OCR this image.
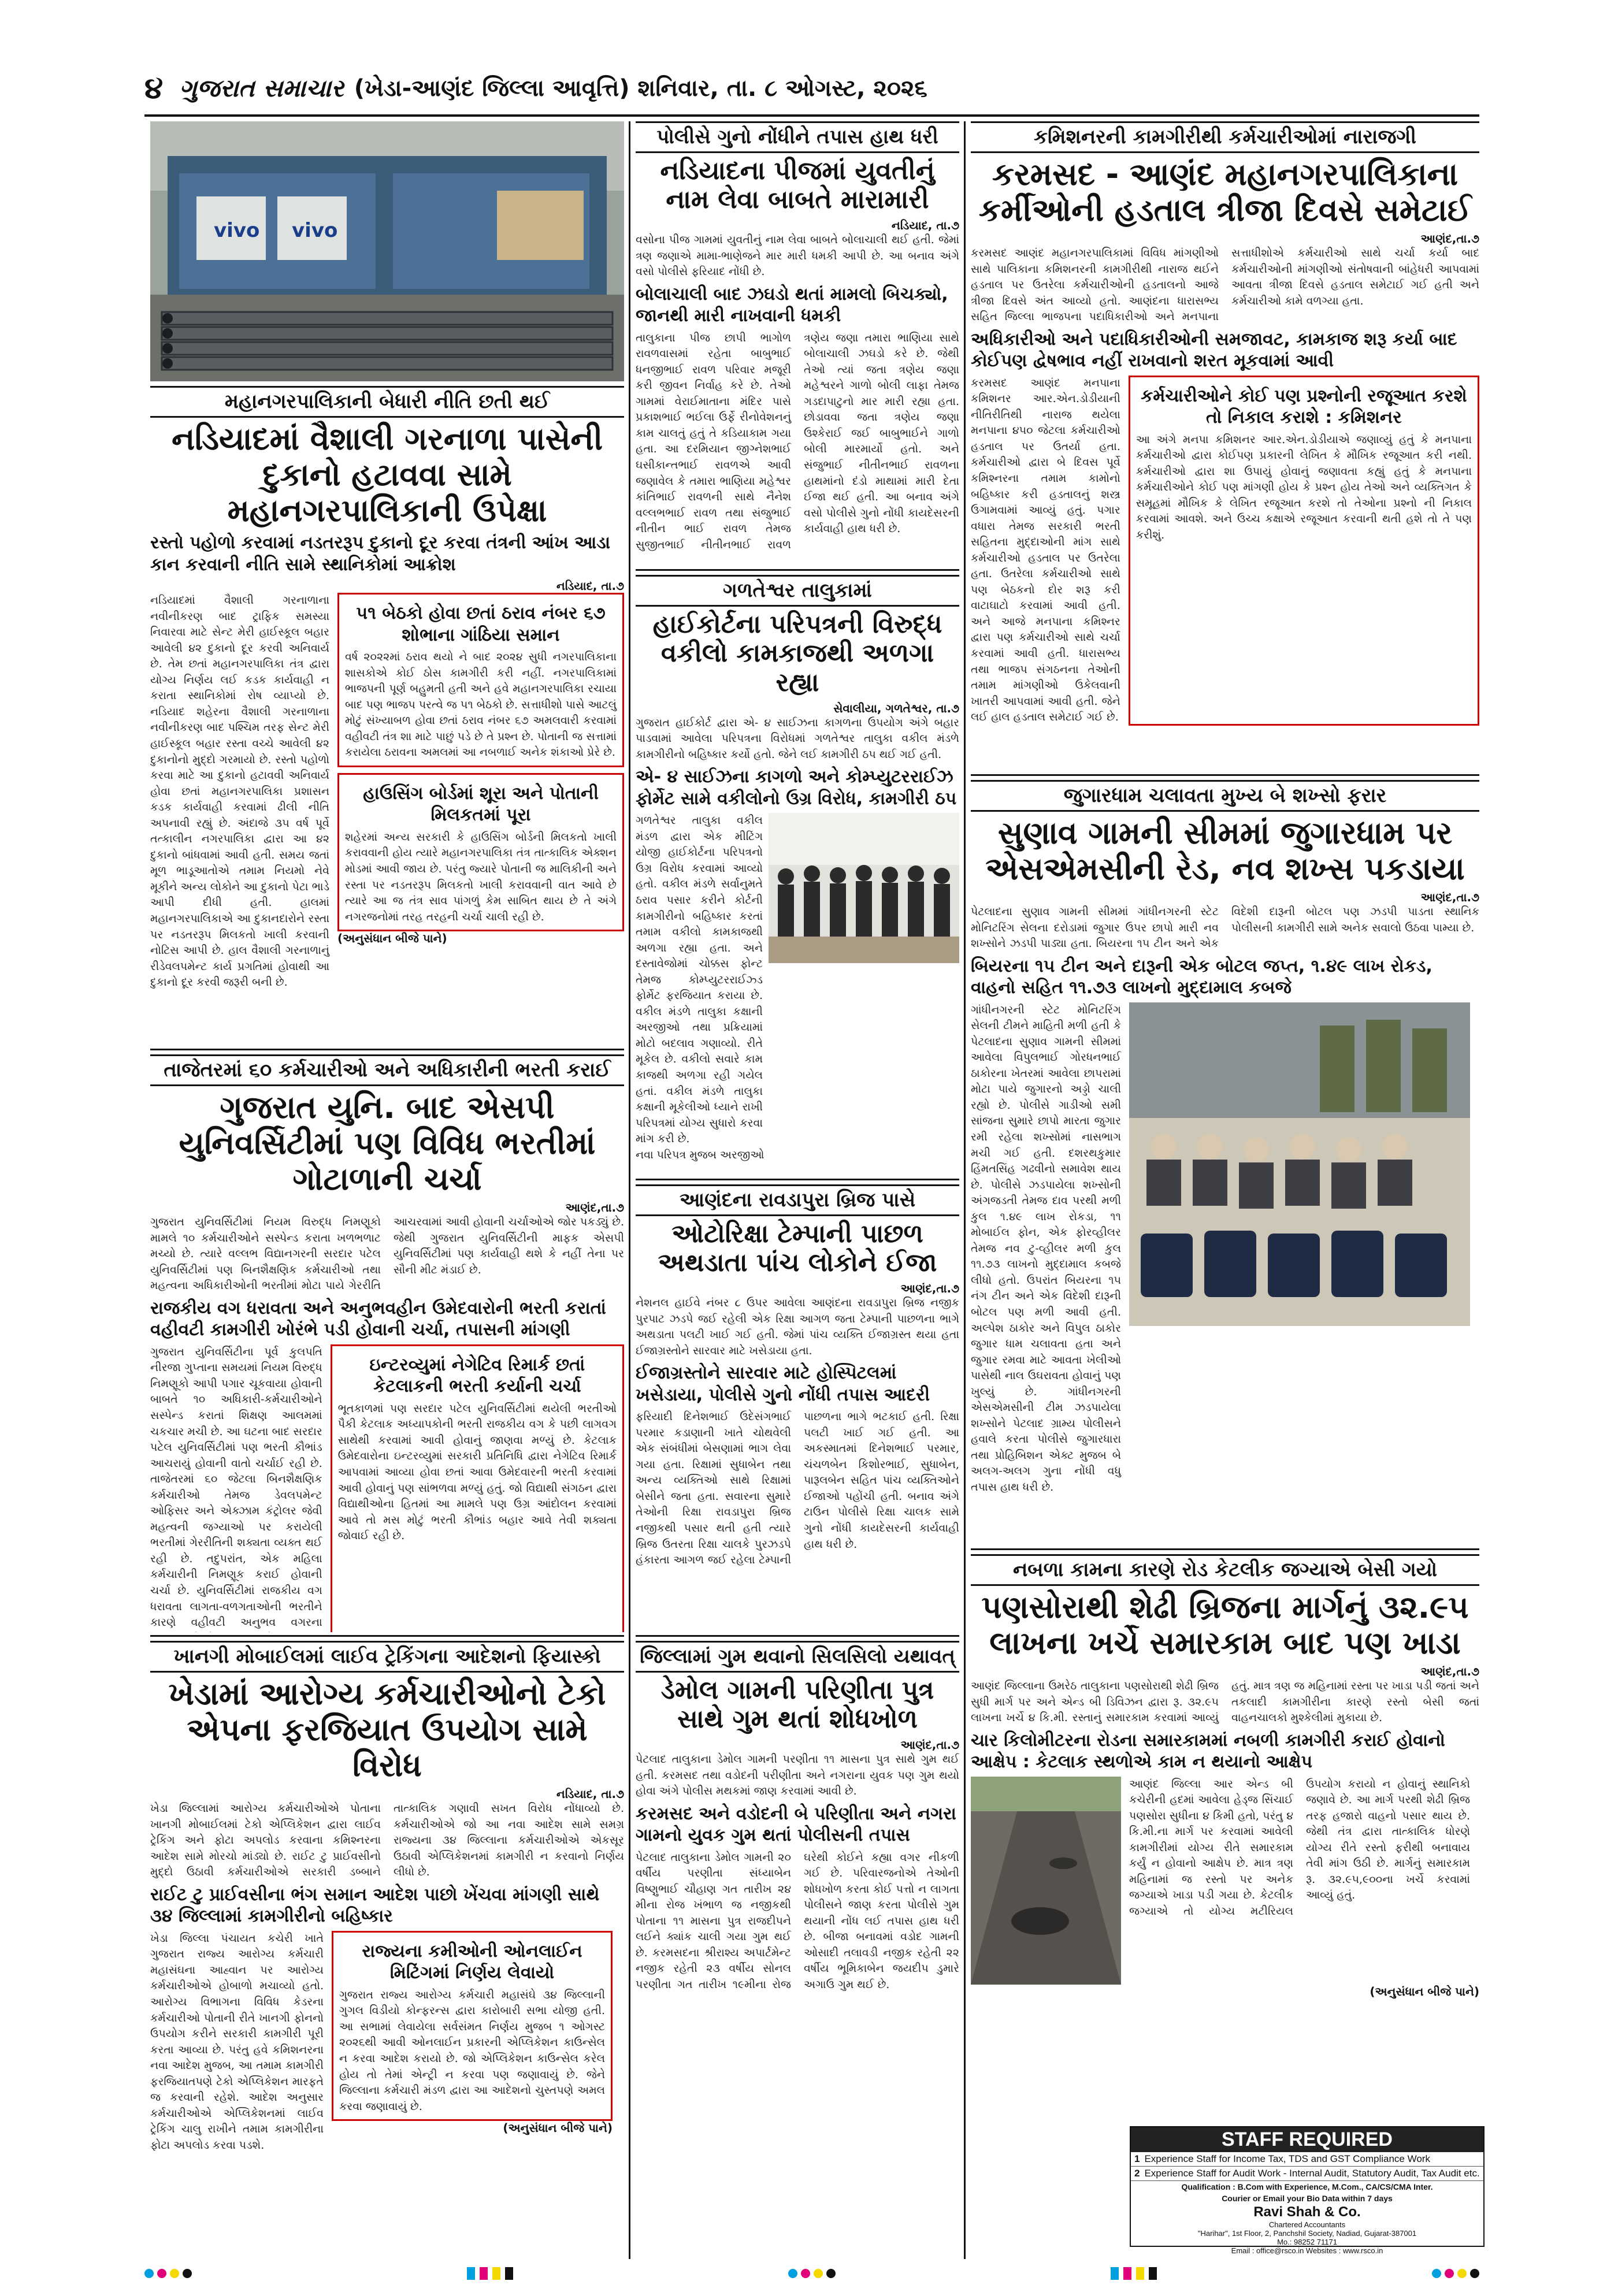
૪ ગુજરાત સમાચાર (ખેડા-આણંદ જિલ્લા આવૃત્તિ) શનિવાર, તા. ૮ ઓગસ્ટ, ૨૦૨૬
vivo vivo
મહાનગરપાલિકાની બેધારી નીતિ છતી થઈ
નડિયાદમાં વૈશાલી ગરનાળા પાસેની દુકાનો હટાવવા સામે મહાનગરપાલિકાની ઉપેક્ષા
રસ્તો પહોળો કરવામાં નડતરરૂપ દુકાનો દૂર કરવા તંત્રની આંખ આડા કાન કરવાની નીતિ સામે સ્થાનિકોમાં આક્રોશ
નડિયાદ, તા.૭
નડિયાદમાં વૈશાલી ગરનાળાના નવીનીકરણ બાદ ટ્રાફિક સમસ્યા નિવારવા માટે સેન્ટ મેરી હાઈસ્કૂલ બહાર આવેલી ૪૨ દુકાનો દૂર કરવી અનિવાર્ય છે. તેમ છતાં મહાનગરપાલિકા તંત્ર દ્વારા યોગ્ય નિર્ણય લઈ કડક કાર્યવાહી ન કરાતા સ્થાનિકોમાં રોષ વ્યાપ્યો છે. નડિયાદ શહેરના વૈશાલી ગરનાળાના નવીનીકરણ બાદ પશ્ચિમ તરફ સેન્ટ મેરી હાઈસ્કૂલ બહાર રસ્તા વચ્ચે આવેલી ૪૨ દુકાનોનો મુદ્દો ગરમાયો છે. રસ્તો પહોળો કરવા માટે આ દુકાનો હટાવવી અનિવાર્ય હોવા છતાં મહાનગરપાલિકા પ્રશાસન કડક કાર્યવાહી કરવામાં ઢીલી નીતિ અપનાવી રહ્યું છે. અંદાજે ૩૫ વર્ષ પૂર્વે તત્કાલીન નગરપાલિકા દ્વારા આ ૪૨ દુકાનો બાંધવામાં આવી હતી. સમય જતાં મૂળ ભાડૂઆતોએ તમામ નિયમો નેવે મૂકીને અન્ય લોકોને આ દુકાનો પેટા ભાડે આપી દીધી હતી. હાલમાં મહાનગરપાલિકાએ આ દુકાનદારોને રસ્તા પર નડતરરૂપ મિલકતો ખાલી કરવાની નોટિસ આપી છે. હાલ વૈશાલી ગરનાળાનું રીડેવલપમેન્ટ કાર્ય પ્રગતિમાં હોવાથી આ દુકાનો દૂર કરવી જરૂરી બની છે.
૫૧ બેઠકો હોવા છતાં ઠરાવ નંબર ૬૭ શોભાના ગાંઠિયા સમાન
વર્ષ ૨૦૨૨માં ઠરાવ થયો ને બાદ ૨૦૨૪ સુધી નગરપાલિકાના શાસકોએ કોઈ ઠોસ કામગીરી કરી નહીં. નગરપાલિકામાં ભાજપની પૂર્ણ બહુમતી હતી અને હવે મહાનગરપાલિકા રચાયા બાદ પણ ભાજપ પરત્વે જ ૫૧ બેઠકો છે. સત્તાધીશો પાસે આટલું મોટું સંખ્યાબળ હોવા છતાં ઠરાવ નંબર ૬૭ અમલવારી કરવામાં વહીવટી તંત્ર શા માટે પાછું પડે છે તે પ્રશ્ન છે. પોતાની જ સત્તામાં કરાયેલા ઠરાવના અમલમાં આ નબળાઈ અનેક શંકાઓ પ્રેરે છે.
હાઉસિંગ બોર્ડમાં શૂરા અને પોતાની મિલકતમાં પૂરા
શહેરમાં અન્ય સરકારી કે હાઉસિંગ બોર્ડની મિલકતો ખાલી કરાવવાની હોય ત્યારે મહાનગરપાલિકા તંત્ર તાત્કાલિક એક્શન મોડમાં આવી જાય છે. પરંતુ જ્યારે પોતાની જ માલિકીની અને રસ્તા પર નડતરરૂપ મિલકતો ખાલી કરાવવાની વાત આવે છે ત્યારે આ જ તંત્ર સાવ પાંગળું કેમ સાબિત થાય છે તે અંગે નગરજનોમાં તરહ તરહની ચર્ચા ચાલી રહી છે.
(અનુસંધાન બીજે પાને)
તાજેતરમાં ૬૦ કર્મચારીઓ અને અધિકારીની ભરતી કરાઈ
ગુજરાત યુનિ. બાદ એસપી યુનિવર્સિટીમાં પણ વિવિધ ભરતીમાં ગોટાળાની ચર્ચા
આણંદ,તા.૭
ગુજરાત યુનિવર્સિટીમાં નિયમ વિરુદ્ધ નિમણૂકો મામલે ૧૦ કર્મચારીઓને સસ્પેન્ડ કરાતા ખળભળાટ મચ્યો છે. ત્યારે વલ્લભ વિદ્યાનગરની સરદાર પટેલ યુનિવર્સિટીમાં પણ બિનશૈક્ષણિક કર્મચારીઓ તથા મહત્વના અધિકારીઓની ભરતીમાં મોટા પાયે ગેરરીતિ આચરવામાં આવી હોવાની ચર્ચાઓએ જોર પકડ્યું છે. જેથી ગુજરાત યુનિવર્સિટીની માફક એસપી યુનિવર્સિટીમાં પણ કાર્યવાહી થશે કે નહીં તેના પર સૌની મીટ મંડાઈ છે.
રાજકીય વગ ધરાવતા અને અનુભવહીન ઉમેદવારોની ભરતી કરાતાં વહીવટી કામગીરી ખોરંભે પડી હોવાની ચર્ચા, તપાસની માંગણી
ગુજરાત યુનિવર્સિટીના પૂર્વ કુલપતિ નીરજા ગુપ્તાના સમયમાં નિયમ વિરુદ્ધ નિમણૂકો આપી પગાર ચૂકવાયા હોવાની બાબતે ૧૦ અધિકારી-કર્મચારીઓને સસ્પેન્ડ કરાતાં શિક્ષણ આલમમાં ચકચાર મચી છે. આ ઘટના બાદ સરદાર પટેલ યુનિવર્સિટીમાં પણ ભરતી કૌભાંડ આચરાયું હોવાની વાતો ચર્ચાઈ રહી છે. તાજેતરમાં ૬૦ જેટલા બિનશૈક્ષણિક કર્મચારીઓ તેમજ ડેવલપમેન્ટ ઓફિસર અને એક્ઝામ કંટ્રોલર જેવી મહત્વની જગ્યાઓ પર કરાયેલી ભરતીમાં ગેરરીતિની શક્યતા વ્યક્ત થઈ રહી છે. તદુપરાંત, એક મહિલા કર્મચારીની નિમણૂક કરાઈ હોવાની ચર્ચા છે. યુનિવર્સિટીમાં રાજકીય વગ ધરાવતા લાગતા-વળગતાઓની ભરતીને કારણે વહીવટી અનુભવ વગરના
ઇન્ટરવ્યુમાં નેગેટિવ રિમાર્ક છતાં કેટલાકની ભરતી કર્યાની ચર્ચા
ભૂતકાળમાં પણ સરદાર પટેલ યુનિવર્સિટીમાં થયેલી ભરતીઓ પૈકી કેટલાક અધ્યાપકોની ભરતી રાજકીય વગ કે પછી લાગવગ સાથેથી કરવામાં આવી હોવાનું જાણવા મળ્યું છે. કેટલાક ઉમેદવારોના ઇન્ટરવ્યુમાં સરકારી પ્રતિનિધિ દ્વારા નેગેટિવ રિમાર્ક આપવામાં આવ્યા હોવા છતાં આવા ઉમેદવારની ભરતી કરવામાં આવી હોવાનું પણ સાંભળવા મળ્યું હતું. જો વિદ્યાથી સંગઠન દ્વારા વિદ્યાથીઓના હિતમાં આ મામલે પણ ઉગ્ર આંદોલન કરવામાં આવે તો મસ મોટું ભરતી કૌભાંડ બહાર આવે તેવી શક્યતા જોવાઈ રહી છે.
ખાનગી મોબાઈલમાં લાઈવ ટ્રેકિંગના આદેશનો ફિયાસ્કો
ખેડામાં આરોગ્ય કર્મચારીઓનો ટેકો એપના ફરજિયાત ઉપયોગ સામે વિરોધ
નડિયાદ, તા.૭
ખેડા જિલ્લામાં આરોગ્ય કર્મચારીઓએ પોતાના ખાનગી મોબાઈલમાં ટેકો એપ્લિકેશન દ્વારા લાઈવ ટ્રેકિંગ અને ફોટા અપલોડ કરવાના કમિશ્નરના આદેશ સામે મોરચો માંડ્યો છે. રાઈટ ટુ પ્રાઈવસીનો મુદ્દો ઉઠાવી કર્મચારીઓએ સરકારી ડબ્બાને તાત્કાલિક ગણાવી સખત વિરોધ નોંધાવ્યો છે. કર્મચારીઓએ જો આ નવા આદેશ સામે સમગ્ર રાજ્યના ૩૪ જિલ્લાના કર્મચારીઓએ એકસૂર ઉઠાવી એપ્લિકેશનમાં કામગીરી ન કરવાનો નિર્ણય લીધો છે.
રાઈટ ટુ પ્રાઈવસીના ભંગ સમાન આદેશ પાછો ખેંચવા માંગણી સાથે ૩૪ જિલ્લામાં કામગીરીનો બહિષ્કાર
ખેડા જિલ્લા પંચાયત કચેરી ખાતે ગુજરાત રાજ્ય આરોગ્ય કર્મચારી મહાસંઘના આહ્વાન પર આરોગ્ય કર્મચારીઓએ હોબાળો મચાવ્યો હતો. આરોગ્ય વિભાગના વિવિધ કેડરના કર્મચારીઓ પોતાની રીતે ખાનગી ફોનનો ઉપયોગ કરીને સરકારી કામગીરી પૂરી કરતા આવ્યા છે. પરંતુ હવે કમિશનરના નવા આદેશ મુજબ, આ તમામ કામગીરી ફરજિયાતપણે ટેકો એપ્લિકેશન મારફતે જ કરવાની રહેશે. આદેશ અનુસાર કર્મચારીઓએ એપ્લિકેશનમાં લાઈવ ટ્રેકિંગ ચાલુ રાખીને તમામ કામગીરીના ફોટા અપલોડ કરવા પડશે.
રાજ્યના કમીઓની ઓનલાઈન મિટિંગમાં નિર્ણય લેવાયો
ગુજરાત રાજ્ય આરોગ્ય કર્મચારી મહાસંઘે ૩૪ જિલ્લાની ગુગલ વિડીયો કોન્ફરન્સ દ્વારા કારોબારી સભા યોજી હતી. આ સભામાં લેવાયેલા સર્વસંમત નિર્ણય મુજબ ૧ ઓગસ્ટ ૨૦૨૬થી આવી ઓનલાઈન પ્રકારની એપ્લિકેશન કાઉન્સેલ ન કરવા આદેશ કરાયો છે. જો એપ્લિકેશન કાઉન્સેલ કરેલ હોય તો તેમાં એન્ટ્રી ન કરવા પણ જણાવાયું છે. જેને જિલ્લાના કર્મચારી મંડળ દ્વારા આ આદેશનો ચુસ્તપણે અમલ કરવા જણાવાયું છે.
(અનુસંધાન બીજે પાને)
પોલીસે ગુનો નોંધીને તપાસ હાથ ધરી
નડિયાદના પીજમાં યુવતીનું નામ લેવા બાબતે મારામારી
નડિયાદ, તા.૭
વસોના પીજ ગામમાં યુવતીનું નામ લેવા બાબતે બોલાચાલી થઈ હતી. જેમાં ત્રણ જણાએ મામા-ભાણેજને માર મારી ધમકી આપી છે. આ બનાવ અંગે વસો પોલીસે ફરિયાદ નોંધી છે.
બોલાચાલી બાદ ઝઘડો થતાં મામલો બિચક્યો, જાનથી મારી નાખવાની ધમકી
તાલુકાના પીજ છાપી ભાગોળ રાવળવાસમાં રહેતા બાબુભાઈ ધનજીભાઈ રાવળ પરિવાર મજૂરી કરી જીવન નિર્વાહ કરે છે. તેઓ ગામમાં વેરાઈમાતાના મંદિર પાસે પ્રકાશભાઈ ભઈલા ઉર્ફે રીનોવેશનનું કામ ચાલતું હતું તે કડિયાકામ ગયા હતા. આ દરમિયાન જીગ્નેશભાઈ ઘસીકાન્તભાઈ રાવળએ આવી જણાવેલ કે તમારા ભાણિયા મહેશ્વર કાંતિભાઈ રાવળની સાથે નૈનેશ વલ્લભભાઈ રાવળ તથા સંજુભાઈ નીતીન ભાઈ રાવળ તેમજ સુજીતભાઈ નીતીનભાઈ રાવળ ત્રણેય જણા તમારા ભાણિયા સાથે બોલાચાલી ઝઘડો કરે છે. જેથી તેઓ ત્યાં જતા ત્રણેય જણા મહેશ્વરને ગાળો બોલી લાફા તેમજ ગડદાપાટુનો માર મારી રહ્યા હતા. છોડાવવા જતા ત્રણેય જણા ઉશ્કેરાઈ જઈ બાબુભાઈને ગાળો બોલી મારમાર્યો હતો. અને સંજુભાઈ નીતીનભાઈ રાવળના હાથમાંનો દંડો માથામાં મારી દેતા ઈજા થઈ હતી. આ બનાવ અંગે વસો પોલીસે ગુનો નોંધી કાયદેસરની કાર્યવાહી હાથ ધરી છે.
ગળતેશ્વર તાલુકામાં
હાઈકોર્ટના પરિપત્રની વિરુદ્ધ વકીલો કામકાજથી અળગા રહ્યા
સેવાલીયા, ગળતેશ્વર, તા.૭
ગુજરાત હાઈકોર્ટ દ્વારા એ- ૪ સાઈઝના કાગળના ઉપયોગ અંગે બહાર પાડવામાં આવેલા પરિપત્રના વિરોધમાં ગળતેશ્વર તાલુકા વકીલ મંડળે કામગીરીનો બહિષ્કાર કર્યો હતો. જેને લઈ કામગીરી ઠપ થઈ ગઈ હતી.
એ- ૪ સાઈઝના કાગળો અને કોમ્પ્યુટરરાઈઝ ફોર્મેટ સામે વકીલોનો ઉગ્ર વિરોધ, કામગીરી ઠપ
ગળતેશ્વર તાલુકા વકીલ મંડળ દ્વારા એક મીટિંગ યોજી હાઈકોર્ટના પરિપત્રનો ઉગ્ર વિરોધ કરવામાં આવ્યો હતો. વકીલ મંડળે સર્વાનુમતે ઠરાવ પસાર કરીને કોર્ટની કામગીરીનો બહિષ્કાર કરતાં તમામ વકીલો કામકાજથી અળગા રહ્યા હતા. અને દસ્તાવેજોમાં ચોક્કસ ફોન્ટ તેમજ કોમ્પ્યુટરરાઈઝ્ડ ફોર્મેટ ફરજિયાત કરાયા છે. વકીલ મંડળે તાલુકા કક્ષાની અરજીઓ તથા પ્રક્રિયામાં મોટો બદલાવ ગણાવ્યો. રીતે મૂકેલ છે. વકીલો સવારે કામ કાજથી અળગા રહી ગયેલ હતાં. વકીલ મંડળે તાલુકા કક્ષાની મૂકેલીઓ ધ્યાને રાખી પરિપત્રમાં યોગ્ય સુધારો કરવા માંગ કરી છે.
નવા પરિપત્ર મુજબ અરજીઓ
આણંદના રાવડાપુરા બ્રિજ પાસે
ઓટોરિક્ષા ટેમ્પાની પાછળ અથડાતા પાંચ લોકોને ઈજા
આણંદ,તા.૭
નેશનલ હાઈવે નંબર ૮ ઉપર આવેલા આણંદના રાવડાપુરા બ્રિજ નજીક પુરપાટ ઝડપે જઈ રહેલી એક રિક્ષા આગળ જતા ટેમ્પાની પાછળના ભાગે અથડાતા પલટી ખાઈ ગઈ હતી. જેમાં પાંચ વ્યક્તિ ઈજાગ્રસ્ત થયા હતા ઈજાગ્રસ્તોને સારવાર માટે ખસેડાયા હતા.
ઈજાગ્રસ્તોને સારવાર માટે હોસ્પિટલમાં ખસેડાયા, પોલીસે ગુનો નોંધી તપાસ આદરી
ફરિયાદી દિનેશભાઈ ઉદેસંગભાઈ પરમાર કડાણાની ખાતે ચોથવેલી એક સંબંધીમાં બેસણામાં ભાગ લેવા ગયા હતા. રિક્ષામાં સુધાબેન તથા અન્ય વ્યક્તિઓ સાથે રિક્ષામાં બેસીને જતા હતા. સવારના સુમારે તેઓની રિક્ષા રાવડાપુરા બ્રિજ નજીકથી પસાર થતી હતી ત્યારે બ્રિજ ઉતરતા રિક્ષા ચાલકે પુરઝડપે હંકારતા આગળ જઈ રહેલા ટેમ્પાની પાછળના ભાગે ભટકાઈ હતી. રિક્ષા પલટી ખાઈ ગઈ હતી. આ અકસ્માતમાં દિનેશભાઈ પરમાર, ચંચળબેન કિશોરભાઈ, સુધાબેન, પારૂલબેન સહિત પાંચ વ્યક્તિઓને ઈજાઓ પહોંચી હતી. બનાવ અંગે ટાઉન પોલીસે રિક્ષા ચાલક સામે ગુનો નોંધી કાયદેસરની કાર્યવાહી હાથ ધરી છે.
જિલ્લામાં ગુમ થવાનો સિલસિલો યથાવત્
ડેમોલ ગામની પરિણીતા પુત્ર સાથે ગુમ થતાં શોધખોળ
આણંદ,તા.૭
પેટલાદ તાલુકાના ડેમોલ ગામની પરણીતા ૧૧ માસના પુત્ર સાથે ગુમ થઈ હતી. કરમસદ તથા વડોદની પરીણીતા અને નગરાના યુવક પણ ગુમ થયો હોવા અંગે પોલીસ મથકમાં જાણ કરવામાં આવી છે.
કરમસદ અને વડોદની બે પરિણીતા અને નગરા ગામનો યુવક ગુમ થતાં પોલીસની તપાસ
પેટલાદ તાલુકાના ડેમોલ ગામની ૨૦ વર્ષીય પરણીતા સંધ્યાબેન વિષ્ણુભાઈ ચૌહાણ ગત તારીખ ૨૪ મીના રોજ ખંભાળ જ નજીકથી પોતાના ૧૧ માસના પુત્ર રાજદીપને લઈને ક્યાંક ચાલી ગયા ગુમ થઈ છે. કરમસદના શ્રીરાશ્ય અપાર્ટમેન્ટ નજીક રહેતી ૨૩ વર્ષીય સોનલ પરણીતા ગત તારીખ ૧૯મીના રોજ ઘરેથી કોઈને કહ્યા વગર નીકળી ગઈ છે. પરિવારજનોએ તેઓની શોધખોળ કરતા કોઈ પત્તો ન લાગતા પોલીસને જાણ કરતા પોલીસે ગુમ થયાની નોંધ લઈ તપાસ હાથ ધરી છે. બીજા બનાવમાં વડોદ ગામની ઓસાદી તલાવડી નજીક રહેતી ૨૨ વર્ષીય ભૂમિકાબેન જયદીપ ડુમારે અગાઉ ગુમ થઈ છે.
કમિશનરની કામગીરીથી કર્મચારીઓમાં નારાજગી
કરમસદ - આણંદ મહાનગરપાલિકાના કર્મીઓની હડતાલ ત્રીજા દિવસે સમેટાઈ
આણંદ,તા.૭
કરમસદ આણંદ મહાનગરપાલિકામાં વિવિધ માંગણીઓ સાથે પાલિકાના કમિશનરની કામગીરીથી નારાજ થઈને હડતાલ પર ઉતરેલા કર્મચારીઓની હડતાલનો આજે ત્રીજા દિવસે અંત આવ્યો હતો. આણંદના ધારાસભ્ય સહિત જિલ્લા ભાજપના પદાધિકારીઓ અને મનપાના સત્તાધીશોએ કર્મચારીઓ સાથે ચર્ચા કર્યા બાદ કર્મચારીઓની માંગણીઓ સંતોષવાની બાંહેધરી આપવામાં આવતા ત્રીજા દિવસે હડતાલ સમેટાઈ ગઈ હતી અને કર્મચારીઓ કામે વળગ્યા હતા.
અધિકારીઓ અને પદાધિકારીઓની સમજાવટ, કામકાજ શરૂ કર્યા બાદ કોઈપણ દ્વેષભાવ નહીં રાખવાનો શરત મૂકવામાં આવી
કરમસદ આણંદ મનપાના કમિશનર આર.એન.ડોડીયાની નીતિરીતિથી નારાજ થયેલા મનપાના ૪૫૦ જેટલા કર્મચારીઓ હડતાલ પર ઉતર્યા હતા. કર્મચારીઓ દ્વારા બે દિવસ પૂર્વે કમિશ્નરના તમામ કામોનો બહિષ્કાર કરી હડતાલનું શસ્ત્ર ઉગામવામાં આવ્યું હતું. પગાર વધારા તેમજ સરકારી ભરતી સહિતના મુદ્દાઓની માંગ સાથે કર્મચારીઓ હડતાલ પર ઉતરેલા હતા. ઉતરેલા કર્મચારીઓ સાથે પણ બેઠકનો દોર શરૂ કરી વાટાઘાટો કરવામાં આવી હતી. અને આજે મનપાના કમિશ્નર દ્વારા પણ કર્મચારીઓ સાથે ચર્ચા કરવામાં આવી હતી. ધારાસભ્ય તથા ભાજપ સંગઠનના તેઓની તમામ માંગણીઓ ઉકેલવાની ખાતરી આપવામાં આવી હતી. જેને લઈ હાલ હડતાલ સમેટાઈ ગઈ છે.
કર્મચારીઓને કોઈ પણ પ્રશ્નોની રજૂઆત કરશે તો નિકાલ કરાશે : કમિશનર
આ અંગે મનપા કમિશનર આર.એન.ડોડીયાએ જણાવ્યું હતું કે મનપાના કર્મચારીઓ દ્વારા કોઈપણ પ્રકારની લેખિત કે મૌખિક રજૂઆત કરી નથી. કર્મચારીઓ દ્વારા શા ઉપાયું હોવાનું જણાવતા કહ્યું હતું કે મનપાના કર્મચારીઓને કોઈ પણ માંગણી હોય કે પ્રશ્ન હોય તેઓ અને વ્યક્તિગત કે સમૂહમાં મૌખિક કે લેખિત રજૂઆત કરશે તો તેઓના પ્રશ્નો ની નિકાલ કરવામાં આવશે. અને ઉચ્ચ કક્ષાએ રજૂઆત કરવાની થતી હશે તો તે પણ કરીશું.
જુગારધામ ચલાવતા મુખ્ય બે શખ્સો ફરાર
સુણાવ ગામની સીમમાં જુગારધામ પર એસએમસીની રેડ, નવ શખ્સ પકડાયા
આણંદ,તા.૭
પેટલાદના સુણાવ ગામની સીમમાં ગાંધીનગરની સ્ટેટ મોનિટરિંગ સેલના દરોડામાં જુગાર ઉપર છાપો મારી નવ શખ્સોને ઝડપી પાડ્યા હતા. બિયરના ૧૫ ટીન અને એક વિદેશી દારૂની બોટલ પણ ઝડપી પાડતા સ્થાનિક પોલીસની કામગીરી સામે અનેક સવાલો ઉઠવા પામ્યા છે.
બિયરના ૧૫ ટીન અને દારૂની એક બોટલ જપ્ત, ૧.૪૯ લાખ રોકડ, વાહનો સહિત ૧૧.૭૩ લાખનો મુદ્દામાલ કબજે
ગાંધીનગરની સ્ટેટ મોનિટરિંગ સેલની ટીમને માહિતી મળી હતી કે પેટલાદના સુણાવ ગામની સીમમાં આવેલા વિપુલભાઈ ગોરધનભાઈ ઠાકોરના ખેતરમાં આવેલા છાપરામાં મોટા પાયે જુગારનો અડ્ડો ચાલી રહ્યો છે. પોલીસે ગાડીઓ સમી સાંજના સુમારે છાપો મારતા જુગાર રમી રહેલા શખ્સોમાં નાસભાગ મચી ગઈ હતી. દશરથકુમાર હિંમતસિંહ ગઢવીનો સમાવેશ થાય છે. પોલીસે ઝડપાયેલા શખ્સોની અંગજડતી તેમજ દાવ પરથી મળી કુલ ૧.૪૯ લાખ રોકડા, ૧૧ મોબાઈલ ફોન, એક ફોરવ્હીલર તેમજ નવ ટુ-વ્હીલર મળી કુલ ૧૧.૭૩ લાખનો મુદ્દામાલ કબજે લીધો હતો. ઉપરાંત બિયરના ૧૫ નંગ ટીન અને એક વિદેશી દારૂની બોટલ પણ મળી આવી હતી. અલ્પેશ ઠાકોર અને વિપુલ ઠાકોર જુગાર ધામ ચલાવતા હતા અને જુગાર રમવા માટે આવતા ખેલીઓ પાસેથી નાલ ઉઘરાવતા હોવાનું પણ ખુલ્યું છે. ગાંધીનગરની એસએમસીની ટીમ ઝડપાયેલા શખ્સોને પેટલાદ ગ્રામ્ય પોલીસને હવાલે કરતા પોલીસે જુગારધારા તથા પ્રોહિબિશન એક્ટ મુજબ બે અલગ-અલગ ગુના નોંધી વધુ તપાસ હાથ ધરી છે.
નબળા કામના કારણે રોડ કેટલીક જગ્યાએ બેસી ગયો
પણસોરાથી શેઢી બ્રિજના માર્ગનું ૩૨.૯૫ લાખના ખર્ચે સમારકામ બાદ પણ ખાડા
આણંદ,તા.૭
આણંદ જિલ્લાના ઉમરેઠ તાલુકાના પણસોરાથી શેઢી બ્રિજ સુધી માર્ગ પર અને એન્ડ બી ડિવિઝન દ્વારા રૂ. ૩૨.૯૫ લાખના ખર્ચે ૪ કિ.મી. રસ્તાનું સમારકામ કરવામાં આવ્યું હતું. માત્ર ત્રણ જ મહિનામાં રસ્તા પર ખાડા પડી જતાં અને તકલાદી કામગીરીના કારણે રસ્તો બેસી જતાં વાહનચાલકો મુશ્કેલીમાં મુકાયા છે.
ચાર કિલોમીટરના રોડના સમારકામમાં નબળી કામગીરી કરાઈ હોવાનો આક્ષેપ : કેટલાક સ્થળોએ કામ ન થયાનો આક્ષેપ
આણંદ જિલ્લા આર એન્ડ બી કચેરીની હદમાં આવેલા હેડ્જ સિંચાઈ પણસોરા સુધીના ૪ કિમી હતો, પરંતુ ૪ કિ.મી.ના માર્ગ પર કરવામાં આવેલી કામગીરીમાં યોગ્ય રીતે સમારકામ કર્યું ન હોવાનો આક્ષેપ છે. માત્ર ત્રણ મહિનામાં જ રસ્તો પર અનેક જગ્યાએ ખાડા પડી ગયા છે. કેટલીક જગ્યાએ તો યોગ્ય મટીરિયલ ઉપયોગ કરાયો ન હોવાનું સ્થાનિકો જણાવે છે. આ માર્ગ પરથી શેઢી બ્રિજ તરફ હજારો વાહનો પસાર થાય છે. જેથી તંત્ર દ્વારા તાત્કાલિક ધોરણે યોગ્ય રીતે રસ્તો ફરીથી બનાવાય તેવી માંગ ઉઠી છે. માર્ગનું સમારકામ રૂ. ૩૨.૯૫,૯૦૦ના ખર્ચે કરવામાં આવ્યું હતું.
(અનુસંધાન બીજે પાને)
STAFF REQUIRED
1 Experience Staff for Income Tax, TDS and GST Compliance Work
2 Experience Staff for Audit Work - Internal Audit, Statutory Audit, Tax Audit etc.
Qualification : B.Com with Experience, M.Com., CA/CS/CMA Inter.
Courier or Email your Bio Data within 7 days
Ravi Shah & Co.
Chartered Accountants
"Harihar", 1st Floor, 2, Panchshil Society, Nadiad, Gujarat-387001
Mo.: 98252 71171
Email : office@rsco.in Websites : www.rsco.in
